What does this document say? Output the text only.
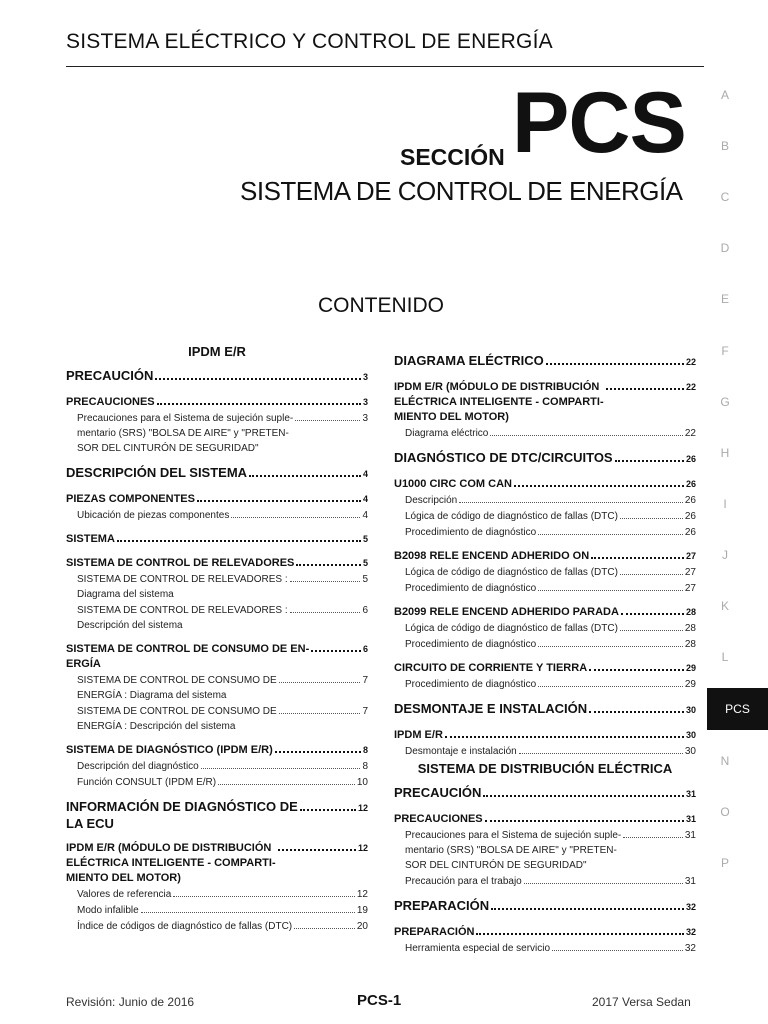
SISTEMA ELÉCTRICO Y CONTROL DE ENERGÍA
SECCIÓN PCS
SISTEMA DE CONTROL DE ENERGÍA
CONTENIDO
A
B
C
D
E
F
G
H
I
J
K
L
PCS
N
O
P
IPDM E/R
PRECAUCIÓN	3
PRECAUCIONES	3
Precauciones para el Sistema de sujeción suple-
mentario (SRS) "BOLSA DE AIRE" y "PRETEN-
SOR DEL CINTURÓN DE SEGURIDAD"
3
DESCRIPCIÓN DEL SISTEMA	4
PIEZAS COMPONENTES	4
Ubicación de piezas componentes	4
SISTEMA	5
SISTEMA DE CONTROL DE RELEVADORES	5
SISTEMA DE CONTROL DE RELEVADORES :
Diagrama del sistema
5
SISTEMA DE CONTROL DE RELEVADORES :
Descripción del sistema
6
SISTEMA DE CONTROL DE CONSUMO DE EN-
ERGÍA
6
SISTEMA DE CONTROL DE CONSUMO DE
ENERGÍA : Diagrama del sistema
7
SISTEMA DE CONTROL DE CONSUMO DE
ENERGÍA : Descripción del sistema
7
SISTEMA DE DIAGNÓSTICO (IPDM E/R)	8
Descripción del diagnóstico	8
Función CONSULT (IPDM E/R)	10
INFORMACIÓN DE DIAGNÓSTICO DE
LA ECU
12
IPDM E/R (MÓDULO DE DISTRIBUCIÓN
ELÉCTRICA INTELIGENTE - COMPARTI-
MIENTO DEL MOTOR)
12
Valores de referencia	12
Modo infalible	19
Índice de códigos de diagnóstico de fallas (DTC)	20
DIAGRAMA ELÉCTRICO	22
IPDM E/R (MÓDULO DE DISTRIBUCIÓN
ELÉCTRICA INTELIGENTE - COMPARTI-
MIENTO DEL MOTOR)
22
Diagrama eléctrico	22
DIAGNÓSTICO DE DTC/CIRCUITOS	26
U1000 CIRC COM CAN	26
Descripción	26
Lógica de código de diagnóstico de fallas (DTC)	26
Procedimiento de diagnóstico	26
B2098 RELE ENCEND ADHERIDO ON	27
Lógica de código de diagnóstico de fallas (DTC)	27
Procedimiento de diagnóstico	27
B2099 RELE ENCEND ADHERIDO PARADA	28
Lógica de código de diagnóstico de fallas (DTC)	28
Procedimiento de diagnóstico	28
CIRCUITO DE CORRIENTE Y TIERRA	29
Procedimiento de diagnóstico	29
DESMONTAJE E INSTALACIÓN	30
IPDM E/R	30
Desmontaje e instalación	30
SISTEMA DE DISTRIBUCIÓN ELÉCTRICA
PRECAUCIÓN	31
PRECAUCIONES	31
Precauciones para el Sistema de sujeción suple-
mentario (SRS) "BOLSA DE AIRE" y "PRETEN-
SOR DEL CINTURÓN DE SEGURIDAD"
31
Precaución para el trabajo	31
PREPARACIÓN	32
PREPARACIÓN	32
Herramienta especial de servicio	32
Revisión: Junio de 2016	PCS-1	2017 Versa Sedan
